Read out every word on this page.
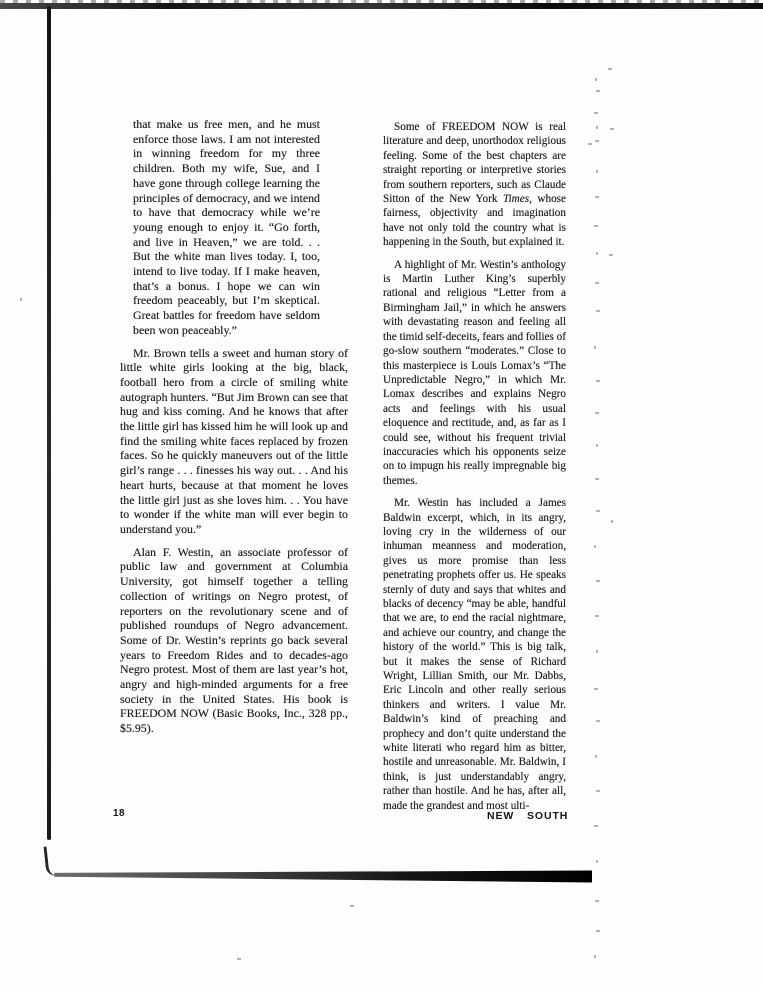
that make us free men, and he must enforce those laws. I am not interested in winning freedom for my three children. Both my wife, Sue, and I have gone through college learning the principles of democracy, and we intend to have that democracy while we’re young enough to enjoy it. “Go forth, and live in Heaven,” we are told. . . But the white man lives today. I, too, intend to live today. If I make heaven, that’s a bonus. I hope we can win freedom peaceably, but I’m skeptical. Great battles for freedom have seldom been won peaceably.”

Mr. Brown tells a sweet and human story of little white girls looking at the big, black, football hero from a circle of smiling white autograph hunters. “But Jim Brown can see that hug and kiss coming. And he knows that after the little girl has kissed him he will look up and find the smiling white faces replaced by frozen faces. So he quickly maneuvers out of the little girl’s range . . . finesses his way out. . . And his heart hurts, because at that moment he loves the little girl just as she loves him. . . You have to wonder if the white man will ever begin to understand you.”

Alan F. Westin, an associate professor of public law and government at Columbia University, got himself together a telling collection of writings on Negro protest, of reporters on the revolutionary scene and of published roundups of Negro advancement. Some of Dr. Westin’s reprints go back several years to Freedom Rides and to decades-ago Negro protest. Most of them are last year’s hot, angry and high-minded arguments for a free society in the United States. His book is FREEDOM NOW (Basic Books, Inc., 328 pp., $5.95).

Some of FREEDOM NOW is real literature and deep, unorthodox religious feeling. Some of the best chapters are straight reporting or interpretive stories from southern reporters, such as Claude Sitton of the New York Times, whose fairness, objectivity and imagination have not only told the country what is happening in the South, but explained it.

A highlight of Mr. Westin’s anthology is Martin Luther King’s superbly rational and religious “Letter from a Birmingham Jail,” in which he answers with devastating reason and feeling all the timid self-deceits, fears and follies of go-slow southern “moderates.” Close to this masterpiece is Louis Lomax’s “The Unpredictable Negro,” in which Mr. Lomax describes and explains Negro acts and feelings with his usual eloquence and rectitude, and, as far as I could see, without his frequent trivial inaccuracies which his opponents seize on to impugn his really impregnable big themes.

Mr. Westin has included a James Baldwin excerpt, which, in its angry, loving cry in the wilderness of our inhuman meanness and moderation, gives us more promise than less penetrating prophets offer us. He speaks sternly of duty and says that whites and blacks of decency “may be able, handful that we are, to end the racial nightmare, and achieve our country, and change the history of the world.” This is big talk, but it makes the sense of Richard Wright, Lillian Smith, our Mr. Dabbs, Eric Lincoln and other really serious thinkers and writers. I value Mr. Baldwin’s kind of preaching and prophecy and don’t quite understand the white literati who regard him as bitter, hostile and unreasonable. Mr. Baldwin, I think, is just understandably angry, rather than hostile. And he has, after all, made the grandest and most ulti-

18	NEW SOUTH
